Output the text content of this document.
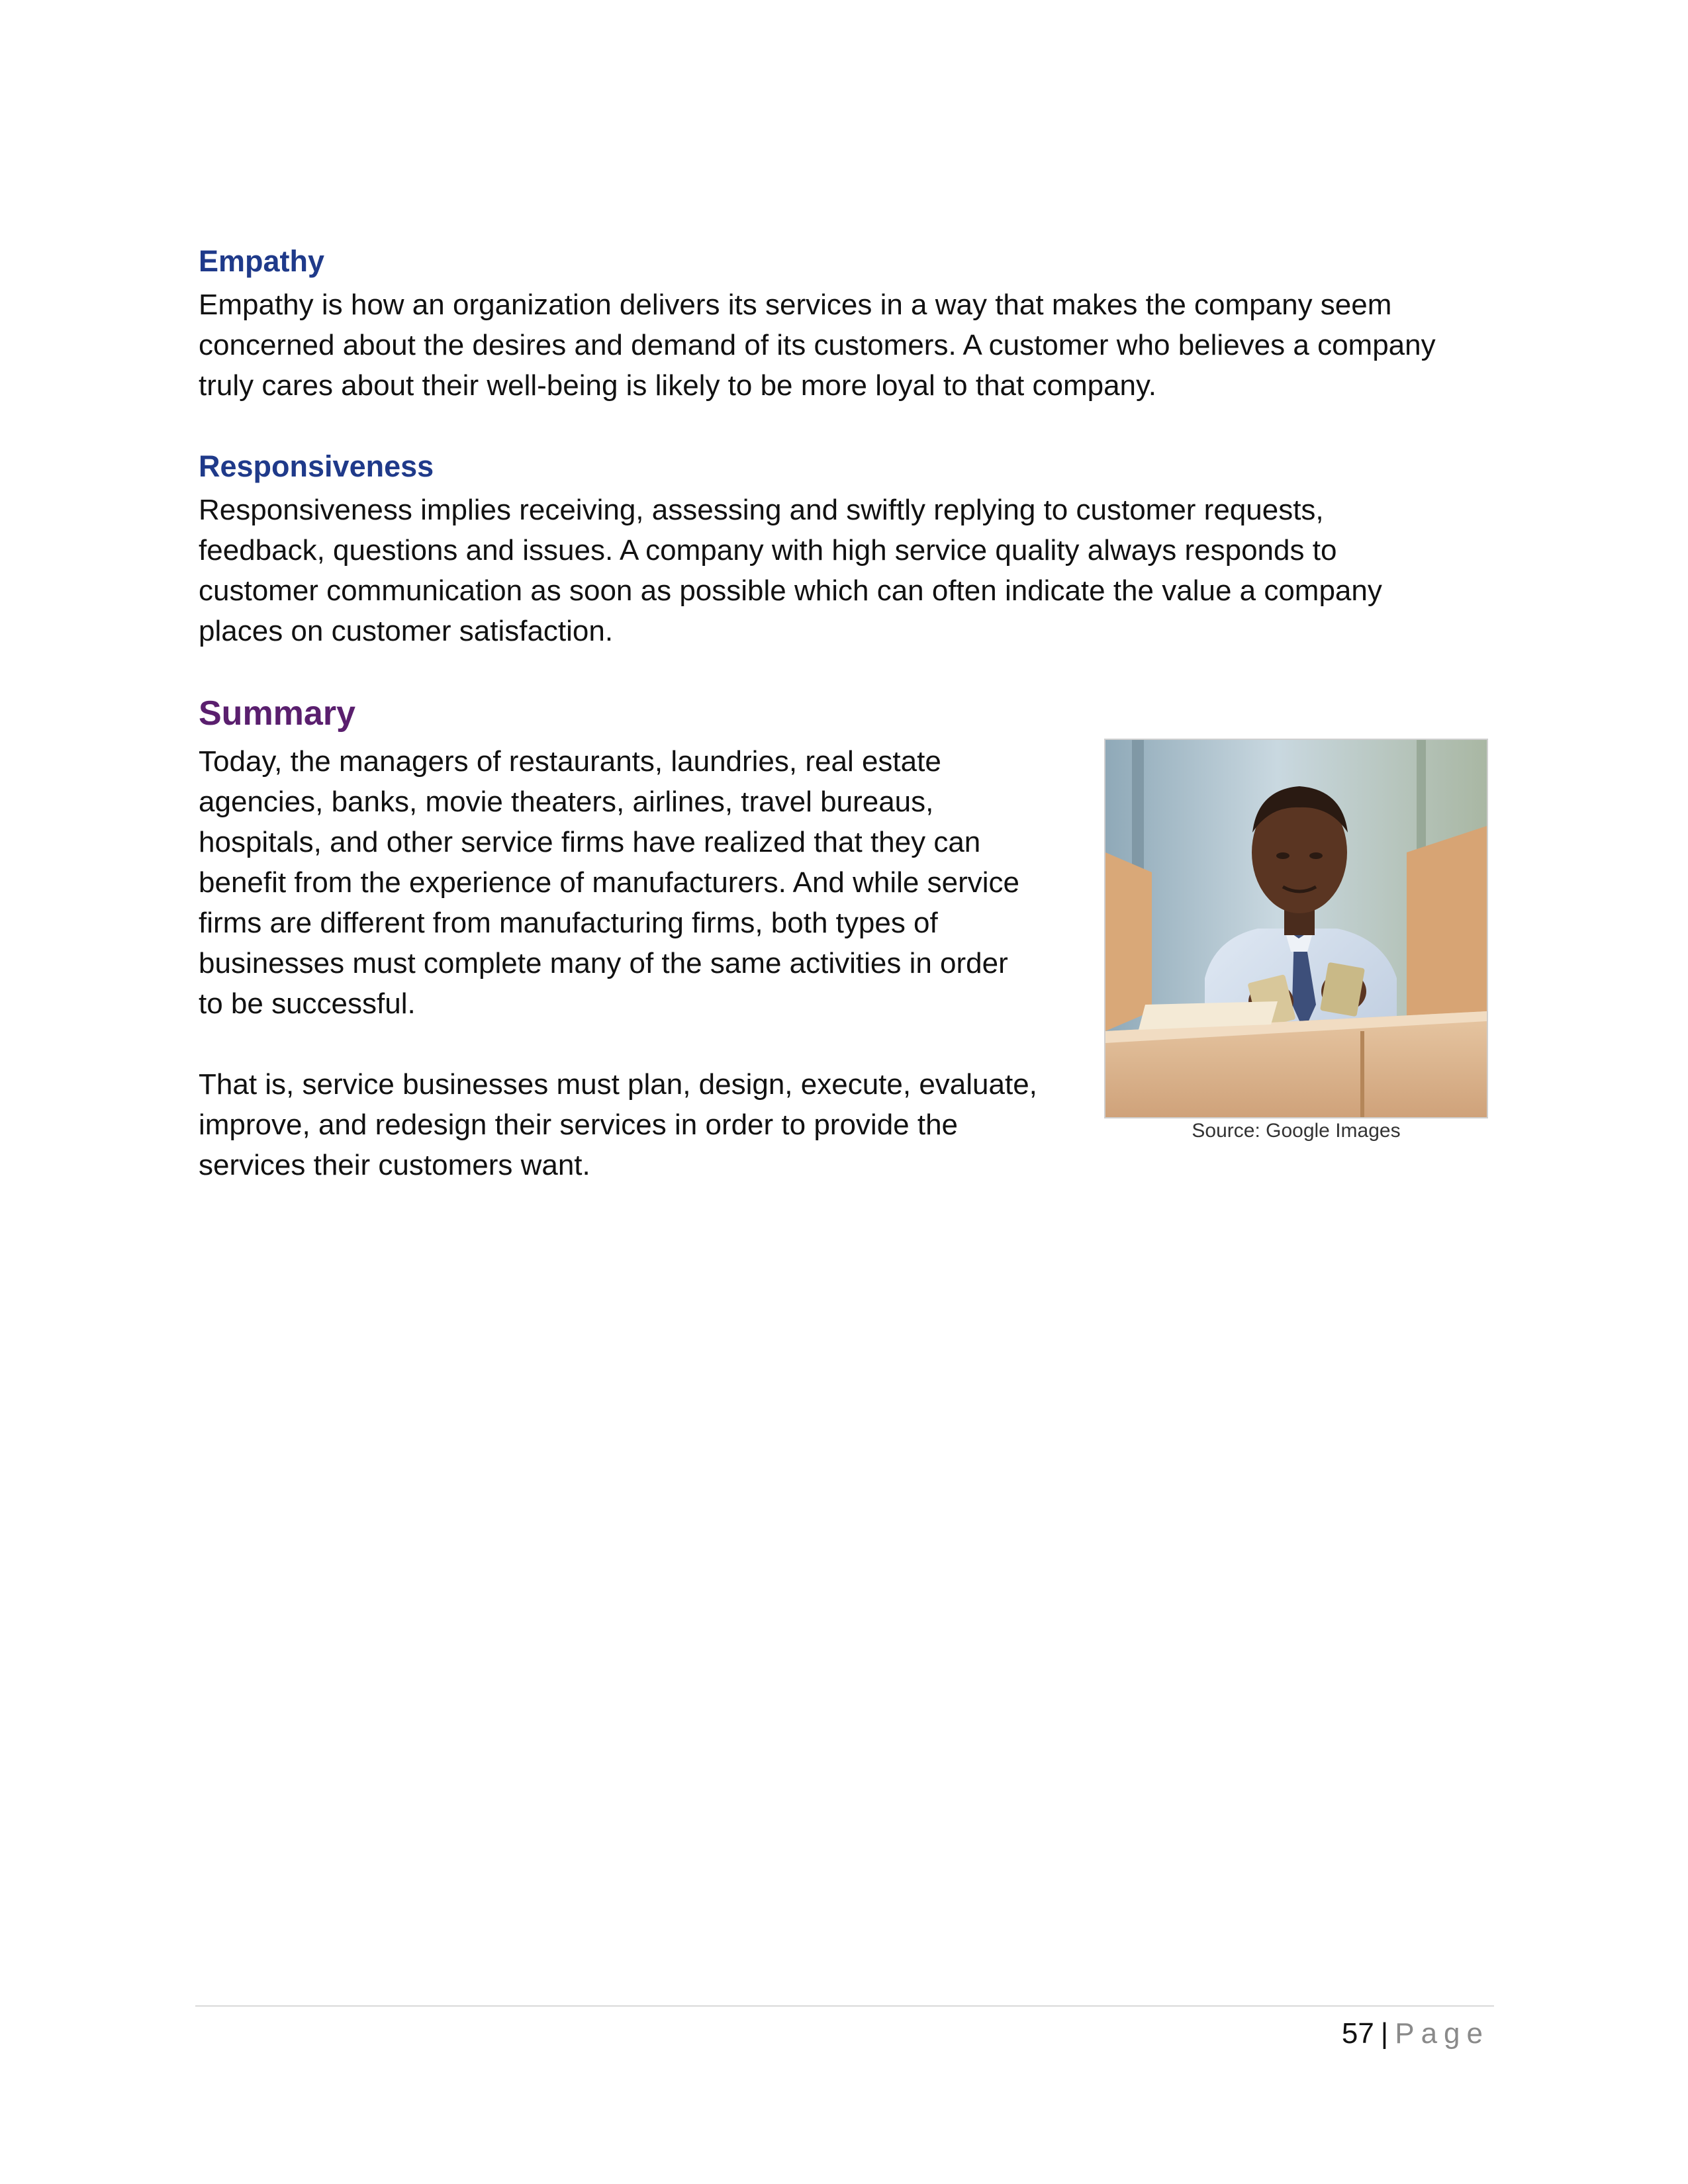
Empathy
Empathy is how an organization delivers its services in a way that makes the company seem
concerned about the desires and demand of its customers. A customer who believes a company
truly cares about their well-being is likely to be more loyal to that company.
Responsiveness
Responsiveness implies receiving, assessing and swiftly replying to customer requests,
feedback, questions and issues. A company with high service quality always responds to
customer communication as soon as possible which can often indicate the value a company
places on customer satisfaction.
Summary
Today, the managers of restaurants, laundries, real estate
agencies, banks, movie theaters, airlines, travel bureaus,
hospitals, and other service firms have realized that they can
benefit from the experience of manufacturers. And while service
firms are different from manufacturing firms, both types of
businesses must complete many of the same activities in order
to be successful.
That is, service businesses must plan, design, execute, evaluate,
improve, and redesign their services in order to provide the
services their customers want.

Source: Google Images

57 | Page
